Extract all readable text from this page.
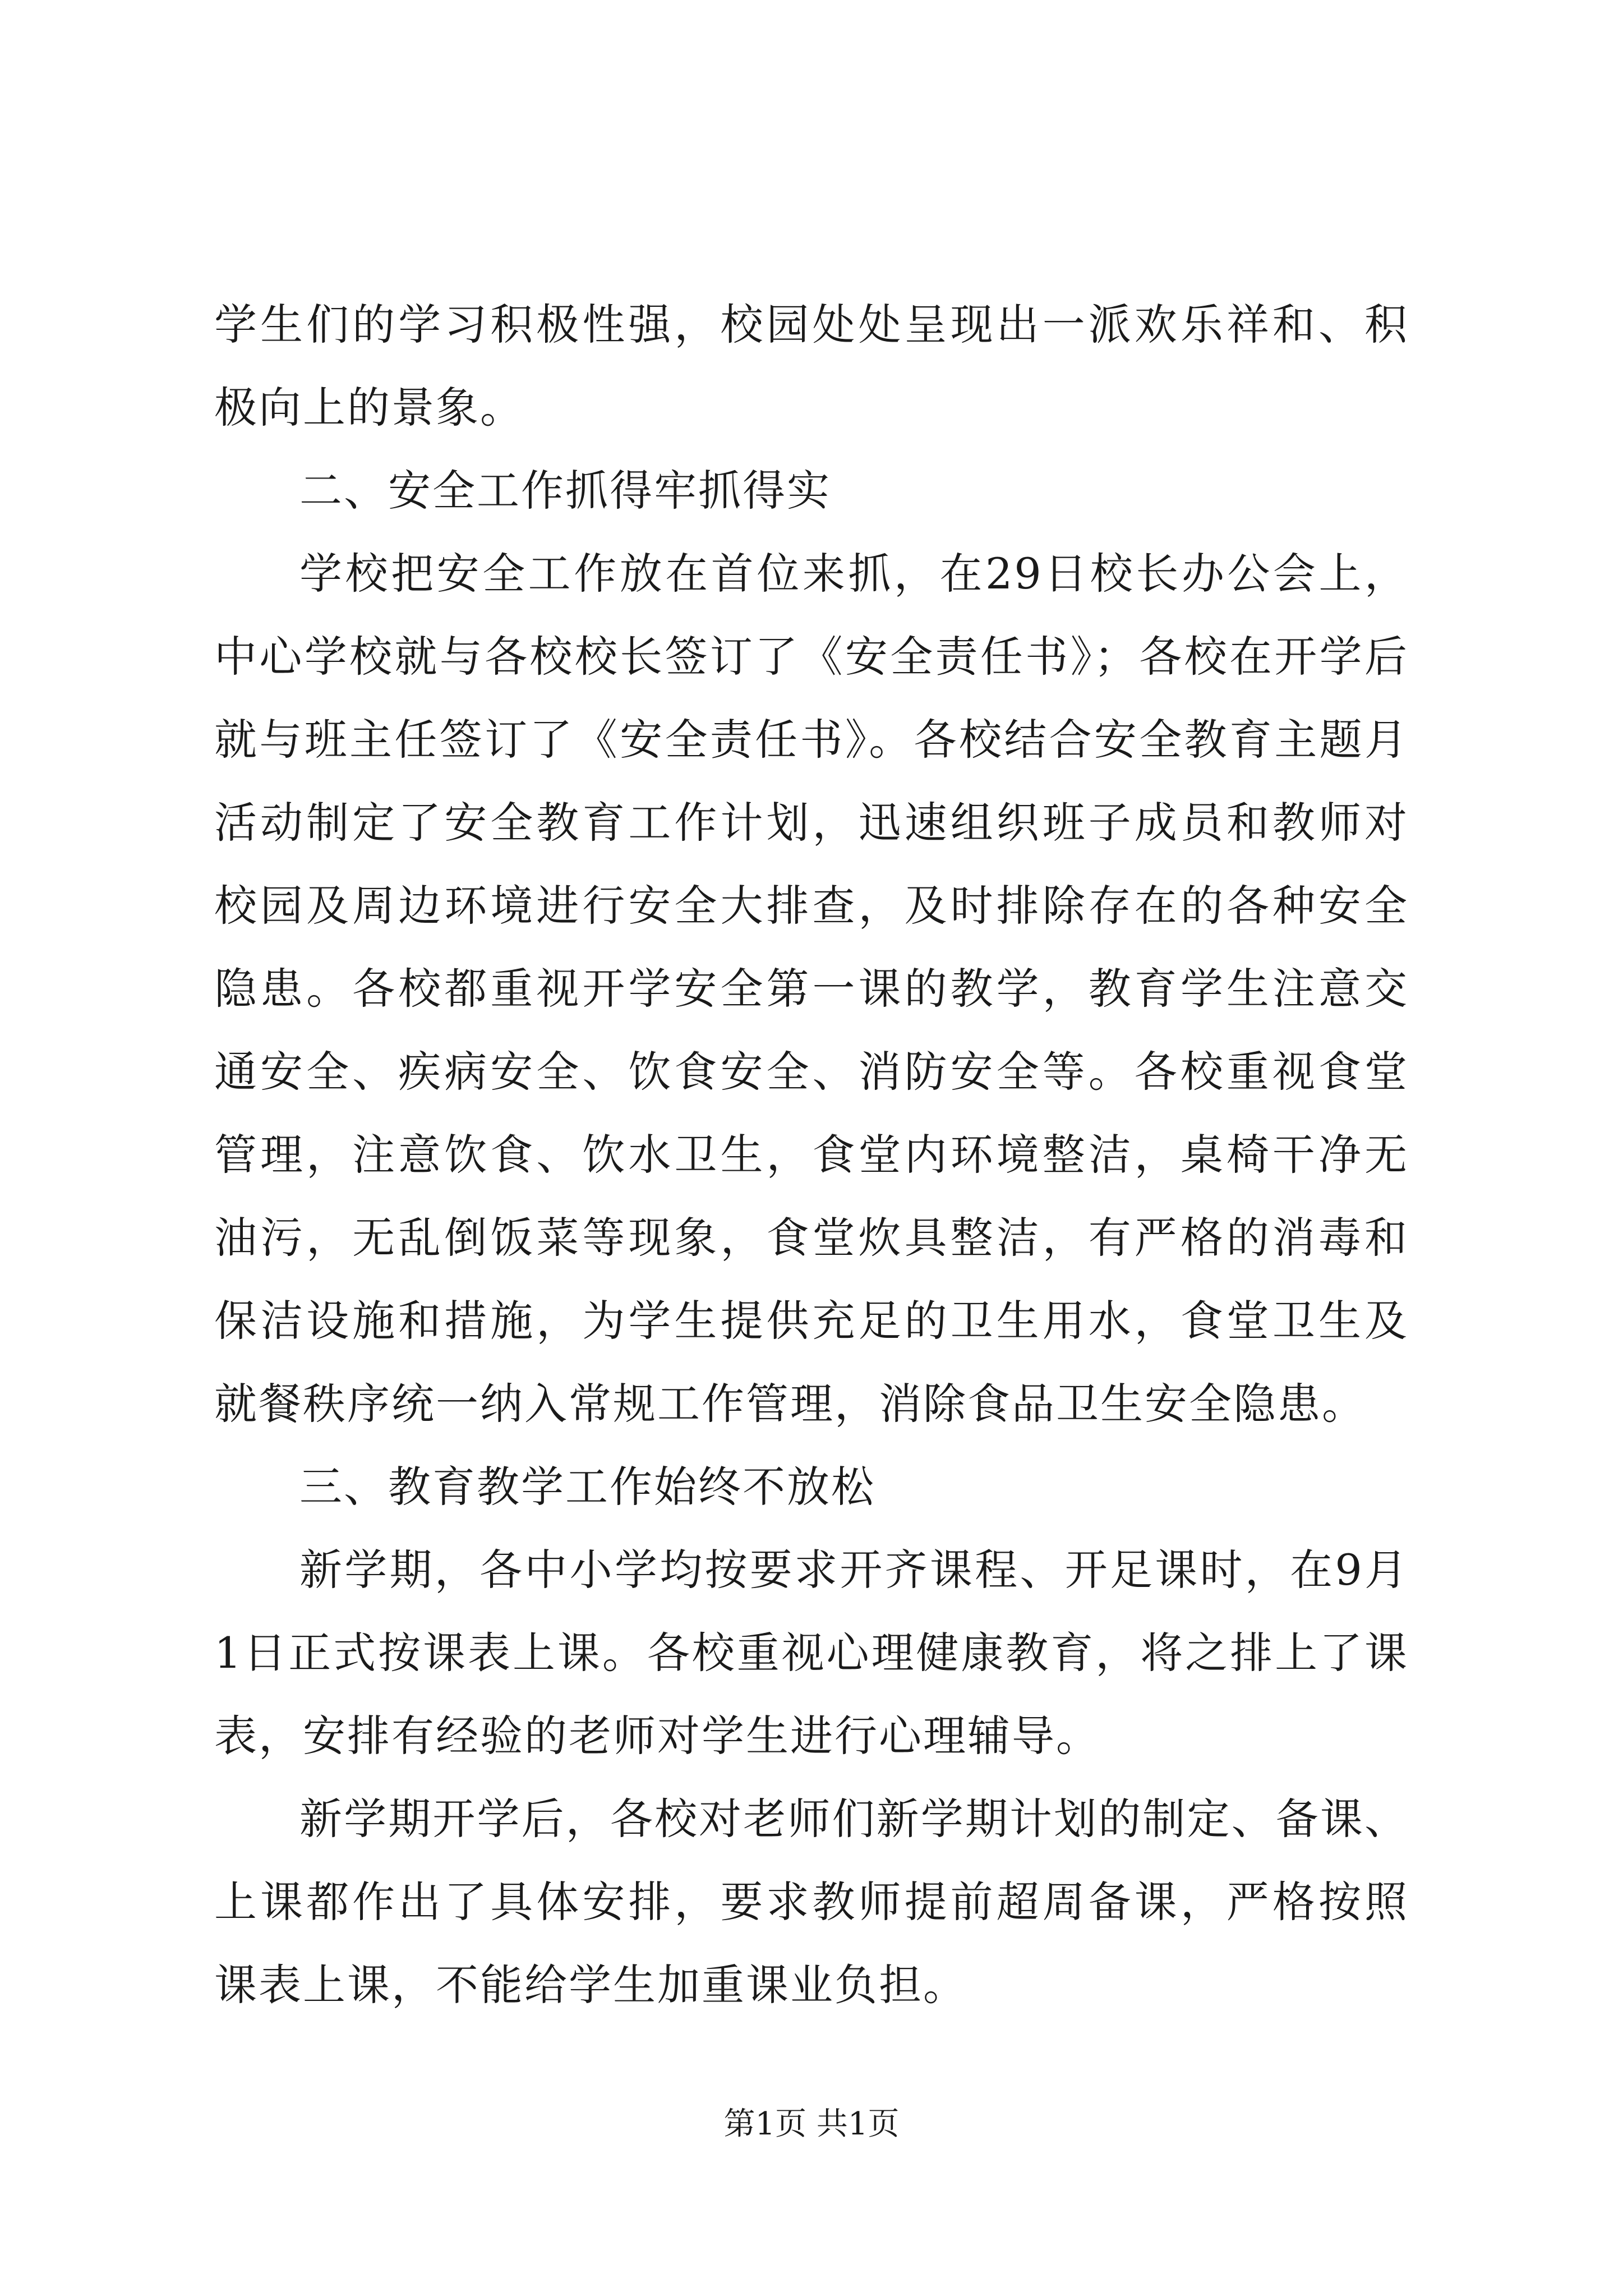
学生们的学习积极性强，校园处处呈现出一派欢乐祥和、积极向上的景象。

二、安全工作抓得牢抓得实

学校把安全工作放在首位来抓，在29日校长办公会上，中心学校就与各校校长签订了《安全责任书》；各校在开学后就与班主任签订了《安全责任书》。各校结合安全教育主题月活动制定了安全教育工作计划，迅速组织班子成员和教师对校园及周边环境进行安全大排查，及时排除存在的各种安全隐患。各校都重视开学安全第一课的教学，教育学生注意交通安全、疾病安全、饮食安全、消防安全等。各校重视食堂管理，注意饮食、饮水卫生，食堂内环境整洁，桌椅干净无油污，无乱倒饭菜等现象，食堂炊具整洁，有严格的消毒和保洁设施和措施，为学生提供充足的卫生用水，食堂卫生及就餐秩序统一纳入常规工作管理，消除食品卫生安全隐患。

三、教育教学工作始终不放松

新学期，各中小学均按要求开齐课程、开足课时，在9月1日正式按课表上课。各校重视心理健康教育，将之排上了课表，安排有经验的老师对学生进行心理辅导。

新学期开学后，各校对老师们新学期计划的制定、备课、上课都作出了具体安排，要求教师提前超周备课，严格按照课表上课，不能给学生加重课业负担。

第1页 共1页
